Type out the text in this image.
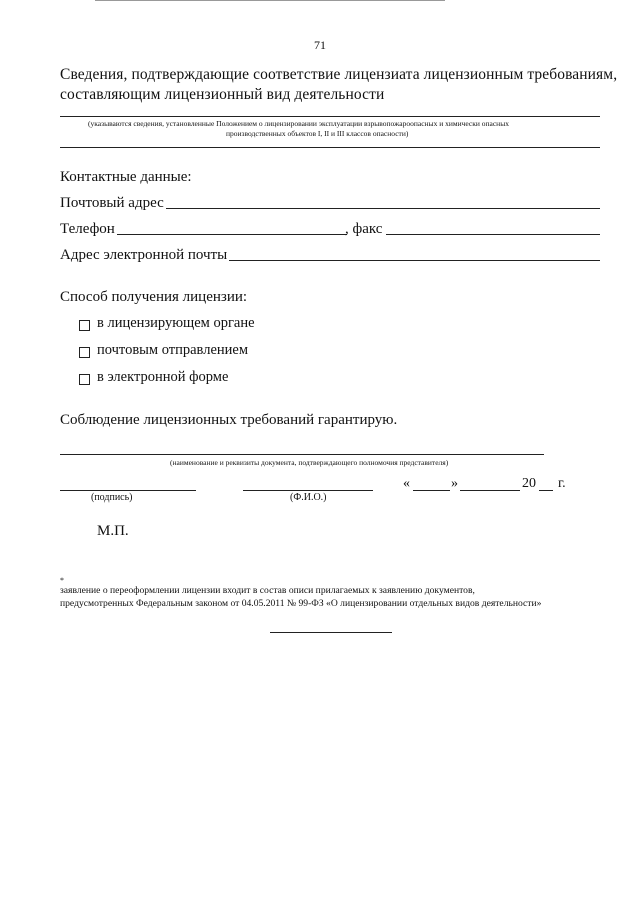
71
Сведения, подтверждающие соответствие лицензиата лицензионным требованиям,
составляющим лицензионный вид деятельности
(указываются сведения, установленные Положением о лицензировании эксплуатации взрывопожароопасных и химически опасных
производственных объектов I, II и III классов опасности)
Контактные данные:
Почтовый адрес
Телефон	, факс
Адрес электронной почты
Способ получения лицензии:
в лицензирующем органе
почтовым отправлением
в электронной форме
Соблюдение лицензионных требований гарантирую.
(наименование и реквизиты документа, подтверждающего полномочия представителя)
«	»	20 г.
(подпись)	(Ф.И.О.)
М.П.
*
заявление о переоформлении лицензии входит в состав описи прилагаемых к заявлению документов,
предусмотренных Федеральным законом от 04.05.2011 № 99-ФЗ «О лицензировании отдельных видов деятельности»
